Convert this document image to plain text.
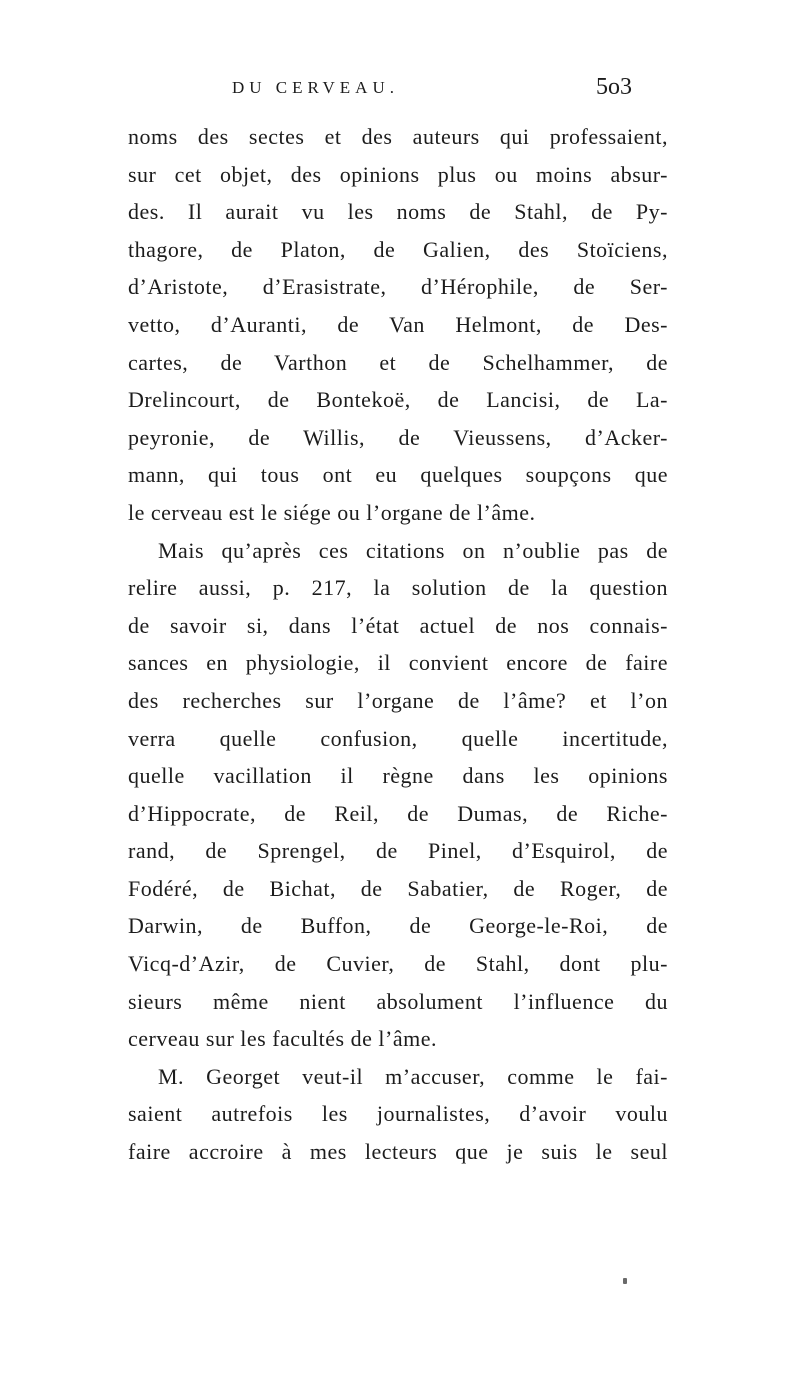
DU CERVEAU.	5o3
noms des sectes et des auteurs qui professaient,
sur cet objet, des opinions plus ou moins absur-
des. Il aurait vu les noms de Stahl, de Py-
thagore, de Platon, de Galien, des Stoïciens,
d’Aristote, d’Erasistrate, d’Hérophile, de Ser-
vetto, d’Auranti, de Van Helmont, de Des-
cartes, de Varthon et de Schelhammer, de
Drelincourt, de Bontekoë, de Lancisi, de La-
peyronie, de Willis, de Vieussens, d’Acker-
mann, qui tous ont eu quelques soupçons que
le cerveau est le siége ou l’organe de l’âme.
Mais qu’après ces citations on n’oublie pas de
relire aussi, p. 217, la solution de la question
de savoir si, dans l’état actuel de nos connais-
sances en physiologie, il convient encore de faire
des recherches sur l’organe de l’âme? et l’on
verra quelle confusion, quelle incertitude,
quelle vacillation il règne dans les opinions
d’Hippocrate, de Reil, de Dumas, de Riche-
rand, de Sprengel, de Pinel, d’Esquirol, de
Fodéré, de Bichat, de Sabatier, de Roger, de
Darwin, de Buffon, de George-le-Roi, de
Vicq-d’Azir, de Cuvier, de Stahl, dont plu-
sieurs même nient absolument l’influence du
cerveau sur les facultés de l’âme.
M. Georget veut-il m’accuser, comme le fai-
saient autrefois les journalistes, d’avoir voulu
faire accroire à mes lecteurs que je suis le seul
